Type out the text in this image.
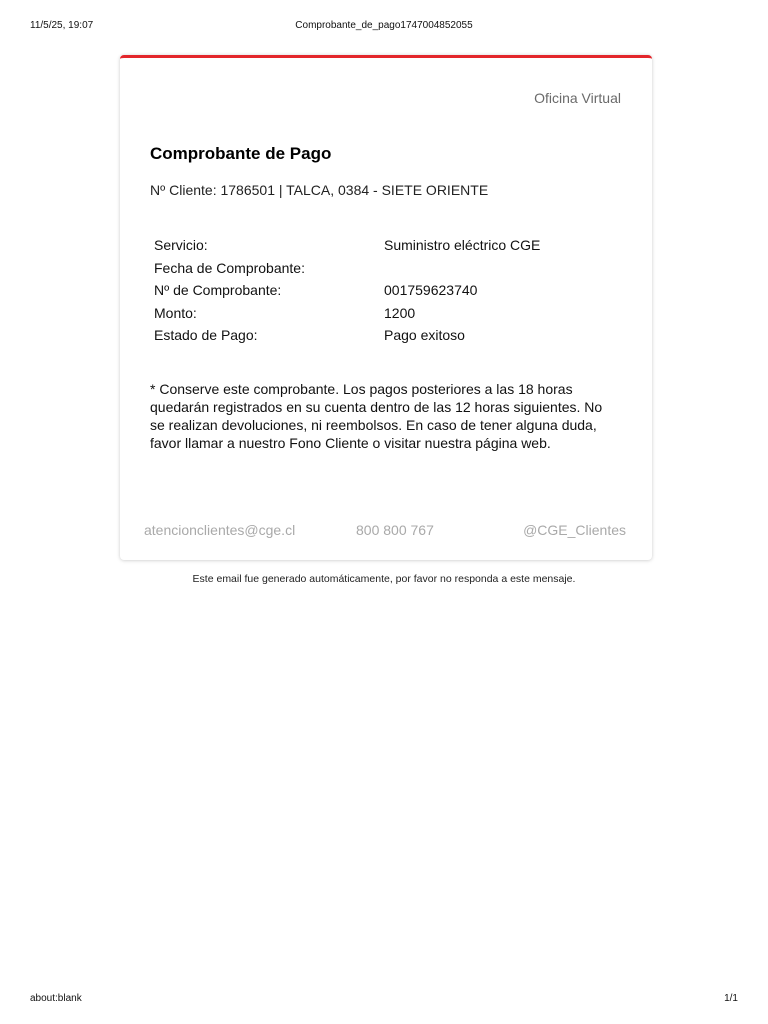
11/5/25, 19:07	Comprobante_de_pago1747004852055
Oficina Virtual
Comprobante de Pago
Nº Cliente: 1786501 | TALCA, 0384 - SIETE ORIENTE
Servicio:	Suministro eléctrico CGE
Fecha de Comprobante:
Nº de Comprobante:	001759623740
Monto:	1200
Estado de Pago:	Pago exitoso
* Conserve este comprobante. Los pagos posteriores a las 18 horas quedarán registrados en su cuenta dentro de las 12 horas siguientes. No se realizan devoluciones, ni reembolsos. En caso de tener alguna duda, favor llamar a nuestro Fono Cliente o visitar nuestra página web.
atencionclientes@cge.cl	800 800 767	@CGE_Clientes
Este email fue generado automáticamente, por favor no responda a este mensaje.
about:blank	1/1
